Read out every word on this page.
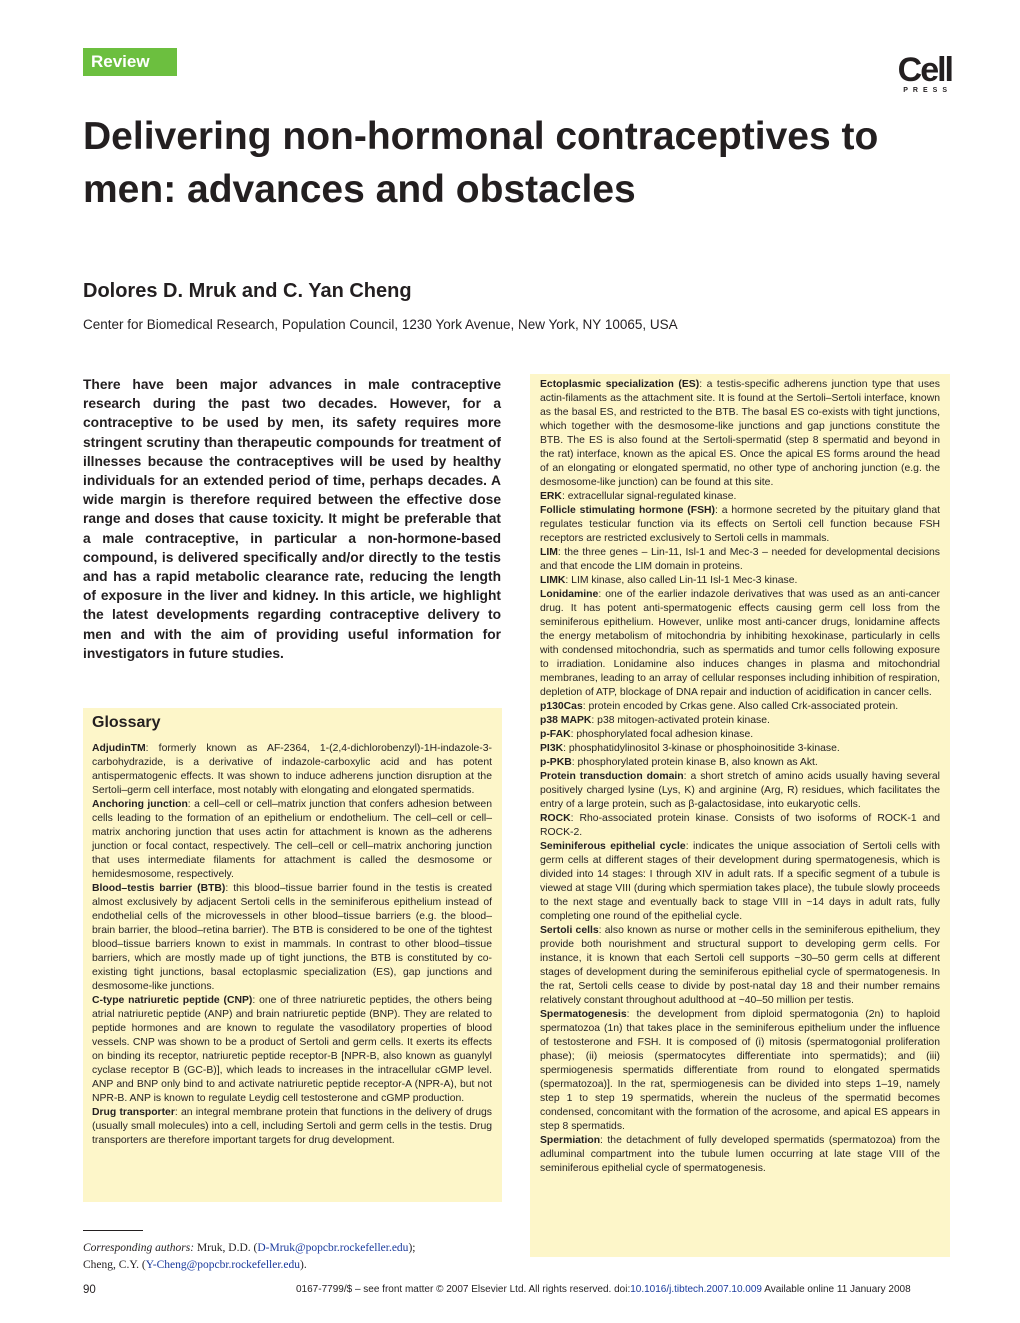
Review	Cell
PRESS
Delivering non-hormonal contraceptives to men: advances and obstacles
Dolores D. Mruk and C. Yan Cheng
Center for Biomedical Research, Population Council, 1230 York Avenue, New York, NY 10065, USA
There have been major advances in male contraceptive research during the past two decades. However, for a contraceptive to be used by men, its safety requires more stringent scrutiny than therapeutic compounds for treatment of illnesses because the contraceptives will be used by healthy individuals for an extended period of time, perhaps decades. A wide margin is therefore required between the effective dose range and doses that cause toxicity. It might be preferable that a male contraceptive, in particular a non-hormone-based compound, is delivered specifically and/or directly to the testis and has a rapid metabolic clearance rate, reducing the length of exposure in the liver and kidney. In this article, we highlight the latest developments regarding contraceptive delivery to men and with the aim of providing useful information for investigators in future studies.
Glossary

AdjudinTM: formerly known as AF-2364, 1-(2,4-dichlorobenzyl)-1H-indazole-3-carbohydrazide, is a derivative of indazole-carboxylic acid and has potent antispermatogenic effects. It was shown to induce adherens junction disruption at the Sertoli–germ cell interface, most notably with elongating and elongated spermatids.

Anchoring junction: a cell–cell or cell–matrix junction that confers adhesion between cells leading to the formation of an epithelium or endothelium. The cell–cell or cell–matrix anchoring junction that uses actin for attachment is known as the adherens junction or focal contact, respectively. The cell–cell or cell–matrix anchoring junction that uses intermediate filaments for attachment is called the desmosome or hemidesmosome, respectively.

Blood–testis barrier (BTB): this blood–tissue barrier found in the testis is created almost exclusively by adjacent Sertoli cells in the seminiferous epithelium instead of endothelial cells of the microvessels in other blood–tissue barriers (e.g. the blood–brain barrier, the blood–retina barrier). The BTB is considered to be one of the tightest blood–tissue barriers known to exist in mammals. In contrast to other blood–tissue barriers, which are mostly made up of tight junctions, the BTB is constituted by co-existing tight junctions, basal ectoplasmic specialization (ES), gap junctions and desmosome-like junctions.

C-type natriuretic peptide (CNP): one of three natriuretic peptides, the others being atrial natriuretic peptide (ANP) and brain natriuretic peptide (BNP). They are related to peptide hormones and are known to regulate the vasodilatory properties of blood vessels. CNP was shown to be a product of Sertoli and germ cells. It exerts its effects on binding its receptor, natriuretic peptide receptor-B [NPR-B, also known as guanylyl cyclase receptor B (GC-B)], which leads to increases in the intracellular cGMP level. ANP and BNP only bind to and activate natriuretic peptide receptor-A (NPR-A), but not NPR-B. ANP is known to regulate Leydig cell testosterone and cGMP production.

Drug transporter: an integral membrane protein that functions in the delivery of drugs (usually small molecules) into a cell, including Sertoli and germ cells in the testis. Drug transporters are therefore important targets for drug development.

Ectoplasmic specialization (ES): a testis-specific adherens junction type that uses actin-filaments as the attachment site. It is found at the Sertoli–Sertoli interface, known as the basal ES, and restricted to the BTB. The basal ES co-exists with tight junctions, which together with the desmosome-like junctions and gap junctions constitute the BTB. The ES is also found at the Sertoli-spermatid (step 8 spermatid and beyond in the rat) interface, known as the apical ES. Once the apical ES forms around the head of an elongating or elongated spermatid, no other type of anchoring junction (e.g. the desmosome-like junction) can be found at this site.

ERK: extracellular signal-regulated kinase.

Follicle stimulating hormone (FSH): a hormone secreted by the pituitary gland that regulates testicular function via its effects on Sertoli cell function because FSH receptors are restricted exclusively to Sertoli cells in mammals.

LIM: the three genes – Lin-11, Isl-1 and Mec-3 – needed for developmental decisions and that encode the LIM domain in proteins.

LIMK: LIM kinase, also called Lin-11 Isl-1 Mec-3 kinase.

Lonidamine: one of the earlier indazole derivatives that was used as an anti-cancer drug. It has potent anti-spermatogenic effects causing germ cell loss from the seminiferous epithelium. However, unlike most anti-cancer drugs, lonidamine affects the energy metabolism of mitochondria by inhibiting hexokinase, particularly in cells with condensed mitochondria, such as spermatids and tumor cells following exposure to irradiation. Lonidamine also induces changes in plasma and mitochondrial membranes, leading to an array of cellular responses including inhibition of respiration, depletion of ATP, blockage of DNA repair and induction of acidification in cancer cells.

p130Cas: protein encoded by Crkas gene. Also called Crk-associated protein.

p38 MAPK: p38 mitogen-activated protein kinase.

p-FAK: phosphorylated focal adhesion kinase.

PI3K: phosphatidylinositol 3-kinase or phosphoinositide 3-kinase.

p-PKB: phosphorylated protein kinase B, also known as Akt.

Protein transduction domain: a short stretch of amino acids usually having several positively charged lysine (Lys, K) and arginine (Arg, R) residues, which facilitates the entry of a large protein, such as β-galactosidase, into eukaryotic cells.

ROCK: Rho-associated protein kinase. Consists of two isoforms of ROCK-1 and ROCK-2.

Seminiferous epithelial cycle: indicates the unique association of Sertoli cells with germ cells at different stages of their development during spermatogenesis, which is divided into 14 stages: I through XIV in adult rats. If a specific segment of a tubule is viewed at stage VIII (during which spermiation takes place), the tubule slowly proceeds to the next stage and eventually back to stage VIII in ~14 days in adult rats, fully completing one round of the epithelial cycle.

Sertoli cells: also known as nurse or mother cells in the seminiferous epithelium, they provide both nourishment and structural support to developing germ cells. For instance, it is known that each Sertoli cell supports ~30–50 germ cells at different stages of development during the seminiferous epithelial cycle of spermatogenesis. In the rat, Sertoli cells cease to divide by post-natal day 18 and their number remains relatively constant throughout adulthood at ~40–50 million per testis.

Spermatogenesis: the development from diploid spermatogonia (2n) to haploid spermatozoa (1n) that takes place in the seminiferous epithelium under the influence of testosterone and FSH. It is composed of (i) mitosis (spermatogonial proliferation phase); (ii) meiosis (spermatocytes differentiate into spermatids); and (iii) spermiogenesis spermatids differentiate from round to elongated spermatids (spermatozoa)]. In the rat, spermiogenesis can be divided into steps 1–19, namely step 1 to step 19 spermatids, wherein the nucleus of the spermatid becomes condensed, concomitant with the formation of the acrosome, and apical ES appears in step 8 spermatids.

Spermiation: the detachment of fully developed spermatids (spermatozoa) from the adluminal compartment into the tubule lumen occurring at late stage VIII of the seminiferous epithelial cycle of spermatogenesis.

Corresponding authors: Mruk, D.D. (D-Mruk@popcbr.rockefeller.edu);
Cheng, C.Y. (Y-Cheng@popcbr.rockefeller.edu).
90	0167-7799/$ – see front matter © 2007 Elsevier Ltd. All rights reserved. doi:10.1016/j.tibtech.2007.10.009 Available online 11 January 2008
